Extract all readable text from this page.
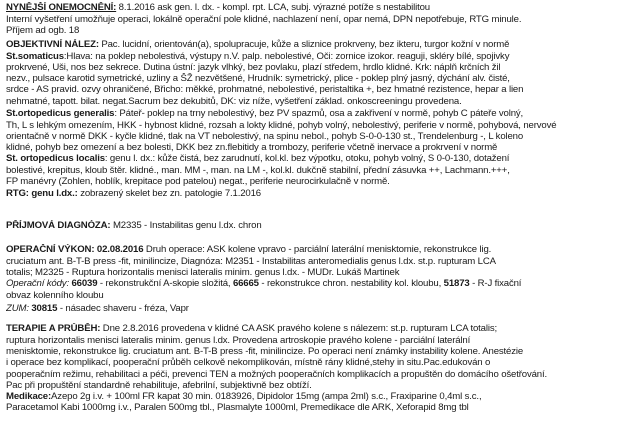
NYNĚJŠÍ ONEMOCNĚNÍ: 8.1.2016 ask gen. l. dx. - kompl. rpt. LCA, subj. výrazné potíže s nestabilitou
Interní vyšetření umožňuje operaci, lokálně operační pole klidné, nachlazení není, opar nemá, DPN nepotřebuje, RTG minule.
Příjem ad ogb. 18
OBJEKTIVNÍ NÁLEZ: Pac. lucidní, orientován(a), spolupracuje, kůže a sliznice prokrveny, bez ikteru, turgor kožní v normě
St.somaticus:Hlava: na poklep nebolestivá, výstupy n.V. palp. nebolestivé, Oči: zornice izokor. reaguji, skléry bílé, spojivky
prokrvené, Uši, nos bez sekrece. Dutina ústní: jazyk vlhký, bez povlaku, plazí středem, hrdlo klidné. Krk: náplň krčních žil
nezv., pulsace karotid symetrické, uzliny a ŠŽ nezvětšené, Hrudník: symetrický, plice - poklep plný jasný, dýchání alv. čisté,
srdce - AS pravid. ozvy ohraničené, Břicho: měkké, prohmatné, nebolestivé, peristaltika +, bez hmatné rezistence, hepar a lien
nehmatné, tapott. bilat. negat.Sacrum bez dekubitů, DK: viz níže, vyšetření základ. onkoscreeningu provedena.
St.ortopedicus generalis: Páteř- poklep na trny nebolestivý, bez PV spazmů, osa a zakřivení v normě, pohyb C páteře volný,
Th, L s lehkým omezením, HKK - hybnost klidné, rozsah a lokty klidné, pohyb volný, nebolestivý, periferie v normě, pohybová, nervové
orientačně v normě DKK - kyčle klidné, tlak na VT nebolestivý, na spinu nebol., pohyb S-0-0-130 st., Trendelenburg -, L koleno
klidné, pohyb bez omezení a bez bolesti, DKK bez zn.flebitidy a trombozy, periferie včetně inervace a prokrvení v normě
St. ortopedicus localis: genu l. dx.: kůže čistá, bez zarudnutí, kol.kl. bez výpotku, otoku, pohyb volný, S 0-0-130, dotažení
bolestivé, krepitus, kloub štěr. klidné., man. MM -, man. na LM -, kol.kl. dukčně stabilní, přední zásuvka ++, Lachmann.+++,
FP manévry (Zohlen, hoblík, krepitace pod patelou) negat., periferie neurocirkulačně v normě.
RTG: genu l.dx.: zobrazený skelet bez zn. patologie 7.1.2016
PŘÍJMOVÁ DIAGNÓZA: M2335 - Instabilitas genu l.dx. chron
OPERAČNÍ VÝKON: 02.08.2016 Druh operace: ASK kolene vpravo - parciální laterální menisktomie, rekonstrukce lig.
cruciatum ant. B-T-B press -fit, minilincize, Diagnóza: M2351 - Instabilitas anteromedialis genus l.dx. st.p. rupturam LCA
totalis; M2325 - Ruptura horizontalis menisci lateralis minim. genus l.dx. - MUDr. Lukáš Martinek
Operační kódy: 66039 - rekonstrukční A-skopie složitá, 66665 - rekonstrukce chron. nestability kol. kloubu, 51873 - R-J fixační
obvaz kolenního kloubu
ZUM: 30815 - násadec shaveru - fréza, Vapr
TERAPIE A PRŮBĚH: Dne 2.8.2016 provedena v klidné CA ASK pravého kolene s nálezem: st.p. rupturam LCA totalis;
ruptura horizontalis menisci lateralis minim. genus l.dx. Provedena artroskopie pravého kolene - parciální laterální
menisktomie, rekonstrukce lig. cruciatum ant. B-T-B press -fit, minilincize. Po operaci není známky instability kolene. Anestézie
i operace bez komplikací, pooperační průběh celkově nekomplikován, místně rány klidné,stehy in situ.Pac.edukován o
pooperačním režimu, rehabilitaci a péči, prevenci TEN a možných pooperačních komplikacích a propuštěn do domácího ošetřování.
Pac při propuštění standardně rehabilituje, afebrilní, subjektivně bez obtíží.
Medikace:Azepo 2g i.v. + 100ml FR kapat 30 min. 0183926, Dipidolor 15mg (ampa 2ml) s.c., Fraxiparine 0,4ml s.c.,
Paracetamol Kabi 1000mg i.v., Paralen 500mg tbl., Plasmalyte 1000ml, Premedikace dle ARK, Xeforapid 8mg tbl
